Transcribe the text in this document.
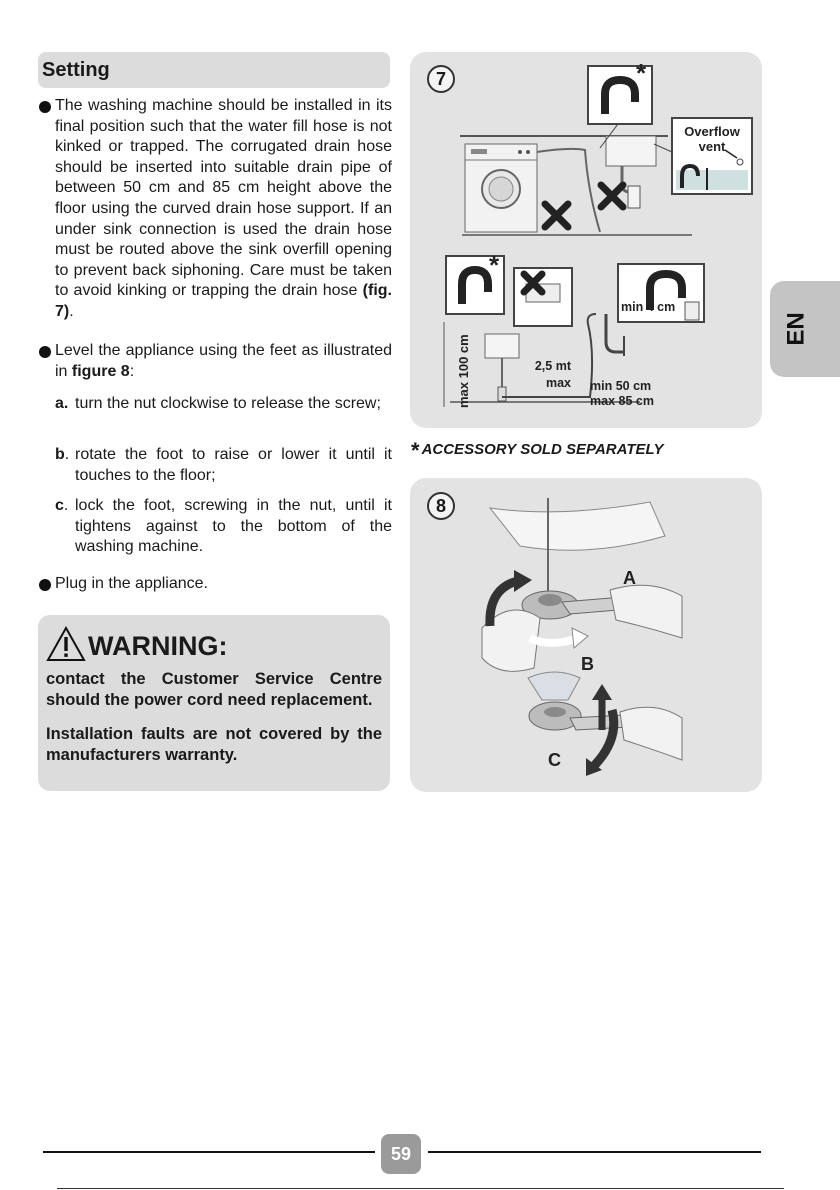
Setting
The washing machine should be installed in its final position such that the water fill hose is not kinked or trapped. The corrugated drain hose should be inserted into suitable drain pipe of between 50 cm and 85 cm height above the floor using the curved drain hose support. If an under sink connection is used the drain hose must be routed above the sink overfill opening to prevent back siphoning. Care must be taken to avoid kinking or trapping the drain hose (fig. 7).
Level the appliance using the feet as illustrated in figure 8:
a. turn the nut clockwise to release the screw;
b. rotate the foot to raise or lower it until it touches to the floor;
c. lock the foot, screwing in the nut, until it tightens against to the bottom of the washing machine.
Plug in the appliance.
WARNING:
contact the Customer Service Centre should the power cord need replacement.
Installation faults are not covered by the manufacturers warranty.
*
*
Overflow
vent
min 4 cm
max 100 cm	2,5 mt
max min 50 cm
max 85 cm
7
* ACCESSORY SOLD SEPARATELY
A
B
C
8
EN
59
